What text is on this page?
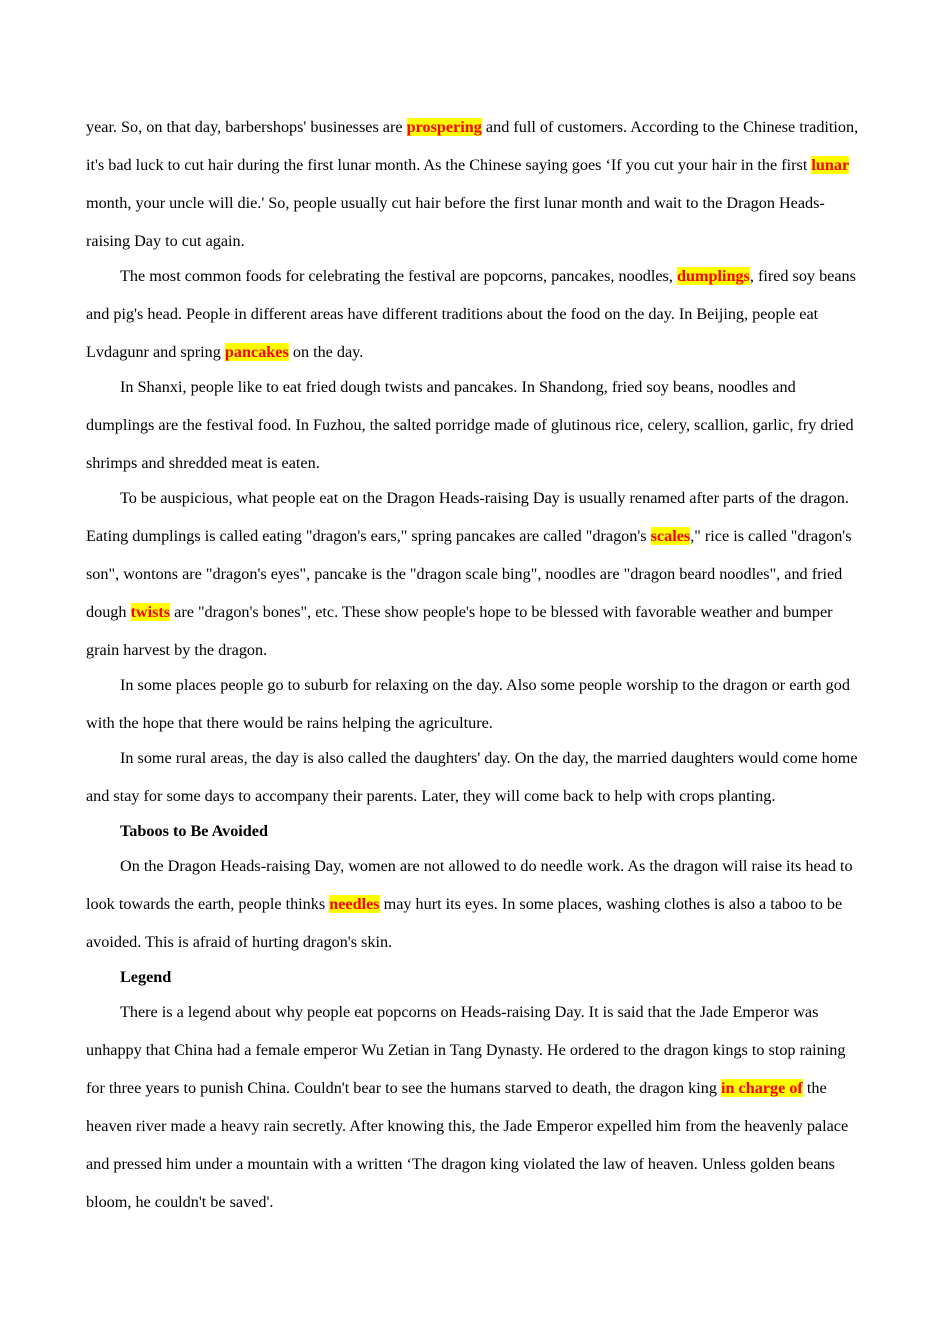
year. So, on that day, barbershops' businesses are prospering and full of customers. According to the Chinese tradition, it's bad luck to cut hair during the first lunar month. As the Chinese saying goes ‘If you cut your hair in the first lunar month, your uncle will die.' So, people usually cut hair before the first lunar month and wait to the Dragon Heads-raising Day to cut again.

The most common foods for celebrating the festival are popcorns, pancakes, noodles, dumplings, fired soy beans and pig's head. People in different areas have different traditions about the food on the day. In Beijing, people eat Lvdagunr and spring pancakes on the day.

In Shanxi, people like to eat fried dough twists and pancakes. In Shandong, fried soy beans, noodles and dumplings are the festival food. In Fuzhou, the salted porridge made of glutinous rice, celery, scallion, garlic, fry dried shrimps and shredded meat is eaten.

To be auspicious, what people eat on the Dragon Heads-raising Day is usually renamed after parts of the dragon. Eating dumplings is called eating "dragon's ears," spring pancakes are called "dragon's scales," rice is called "dragon's son", wontons are "dragon's eyes", pancake is the "dragon scale bing", noodles are "dragon beard noodles", and fried dough twists are "dragon's bones", etc. These show people's hope to be blessed with favorable weather and bumper grain harvest by the dragon.

In some places people go to suburb for relaxing on the day. Also some people worship to the dragon or earth god with the hope that there would be rains helping the agriculture.

In some rural areas, the day is also called the daughters' day. On the day, the married daughters would come home and stay for some days to accompany their parents. Later, they will come back to help with crops planting.

Taboos to Be Avoided

On the Dragon Heads-raising Day, women are not allowed to do needle work. As the dragon will raise its head to look towards the earth, people thinks needles may hurt its eyes. In some places, washing clothes is also a taboo to be avoided. This is afraid of hurting dragon's skin.

Legend

There is a legend about why people eat popcorns on Heads-raising Day. It is said that the Jade Emperor was unhappy that China had a female emperor Wu Zetian in Tang Dynasty. He ordered to the dragon kings to stop raining for three years to punish China. Couldn't bear to see the humans starved to death, the dragon king in charge of the heaven river made a heavy rain secretly. After knowing this, the Jade Emperor expelled him from the heavenly palace and pressed him under a mountain with a written ‘The dragon king violated the law of heaven. Unless golden beans bloom, he couldn't be saved'.
